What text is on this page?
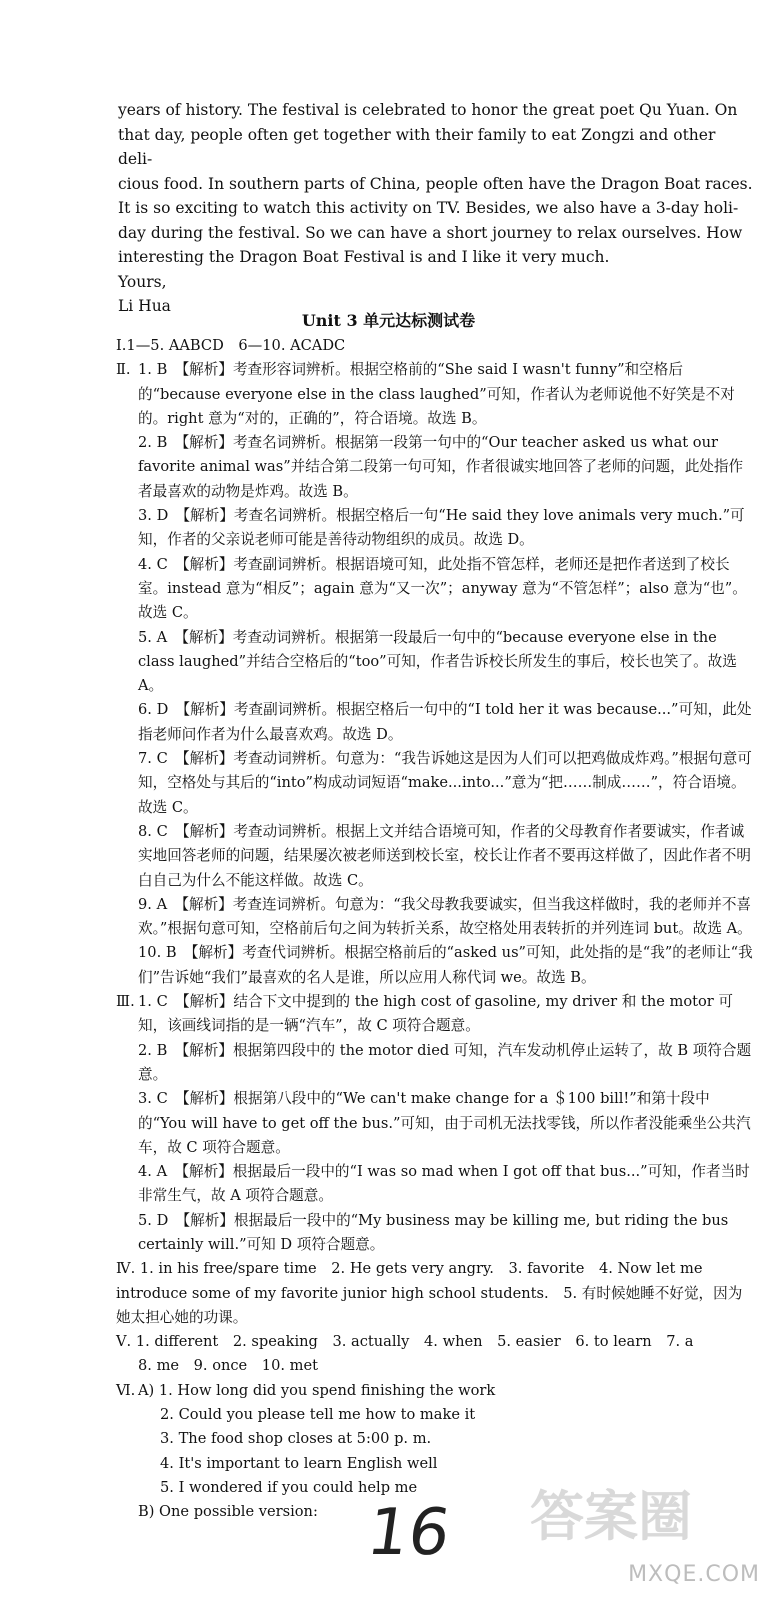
years of history. The festival is celebrated to honor the great poet Qu Yuan. On

that day, people often get together with their family to eat Zongzi and other deli-

cious food. In southern parts of China, people often have the Dragon Boat races.

It is so exciting to watch this activity on TV. Besides, we also have a 3-day holi-

day during the festival. So we can have a short journey to relax ourselves. How

interesting the Dragon Boat Festival is and I like it very much.

Yours,

Li Hua

Unit 3 单元达标测试卷

Ⅰ.1—5. AABCD　6—10. ACADC

Ⅱ. 1. B　【解析】考查形容词辨析。根据空格前的“She said I wasn't funny”和空格后的“because everyone else in the class laughed”可知，作者认为老师说他不好笑是不对的。right 意为“对的，正确的”，符合语境。故选 B。

2. B　【解析】考查名词辨析。根据第一段第一句中的“Our teacher asked us what our favorite animal was”并结合第二段第一句可知，作者很诚实地回答了老师的问题，此处指作者最喜欢的动物是炸鸡。故选 B。

3. D　【解析】考查名词辨析。根据空格后一句“He said they love animals very much.”可知，作者的父亲说老师可能是善待动物组织的成员。故选 D。

4. C　【解析】考查副词辨析。根据语境可知，此处指不管怎样，老师还是把作者送到了校长室。instead 意为“相反”；again 意为“又一次”；anyway 意为“不管怎样”；also 意为“也”。故选 C。

5. A　【解析】考查动词辨析。根据第一段最后一句中的“because everyone else in the class laughed”并结合空格后的“too”可知，作者告诉校长所发生的事后，校长也笑了。故选 A。

6. D　【解析】考查副词辨析。根据空格后一句中的“I told her it was because...”可知，此处指老师问作者为什么最喜欢鸡。故选 D。

7. C　【解析】考查动词辨析。句意为：“我告诉她这是因为人们可以把鸡做成炸鸡。”根据句意可知，空格处与其后的“into”构成动词短语“make...into...”意为“把……制成……”，符合语境。故选 C。

8. C　【解析】考查动词辨析。根据上文并结合语境可知，作者的父母教育作者要诚实，作者诚实地回答老师的问题，结果屡次被老师送到校长室，校长让作者不要再这样做了，因此作者不明白自己为什么不能这样做。故选 C。

9. A　【解析】考查连词辨析。句意为：“我父母教我要诚实，但当我这样做时，我的老师并不喜欢。”根据句意可知，空格前后句之间为转折关系，故空格处用表转折的并列连词 but。故选 A。

10. B　【解析】考查代词辨析。根据空格前后的“asked us”可知，此处指的是“我”的老师让“我们”告诉她“我们”最喜欢的名人是谁，所以应用人称代词 we。故选 B。

Ⅲ. 1. C　【解析】结合下文中提到的 the high cost of gasoline, my driver 和 the motor 可知，该画线词指的是一辆“汽车”，故 C 项符合题意。

2. B　【解析】根据第四段中的 the motor died 可知，汽车发动机停止运转了，故 B 项符合题意。

3. C　【解析】根据第八段中的“We can't make change for a ＄100 bill!”和第十段中的“You will have to get off the bus.”可知，由于司机无法找零钱，所以作者没能乘坐公共汽车，故 C 项符合题意。

4. A　【解析】根据最后一段中的“I was so mad when I got off that bus...”可知，作者当时非常生气，故 A 项符合题意。

5. D　【解析】根据最后一段中的“My business may be killing me, but riding the bus certainly will.”可知 D 项符合题意。

Ⅳ. 1. in his free/spare time　2. He gets very angry.　3. favorite　4. Now let me introduce some of my favorite junior high school students.　5. 有时候她睡不好觉，因为她太担心她的功课。

Ⅴ. 1. different　2. speaking　3. actually　4. when　5. easier　6. to learn　7. a

8. me　9. once　10. met

Ⅵ. A) 1. How long did you spend finishing the work

2. Could you please tell me how to make it

3. The food shop closes at 5:00 p. m.

4. It's important to learn English well

5. I wondered if you could help me

B) One possible version: 16 答案圈
MXQE.COM
